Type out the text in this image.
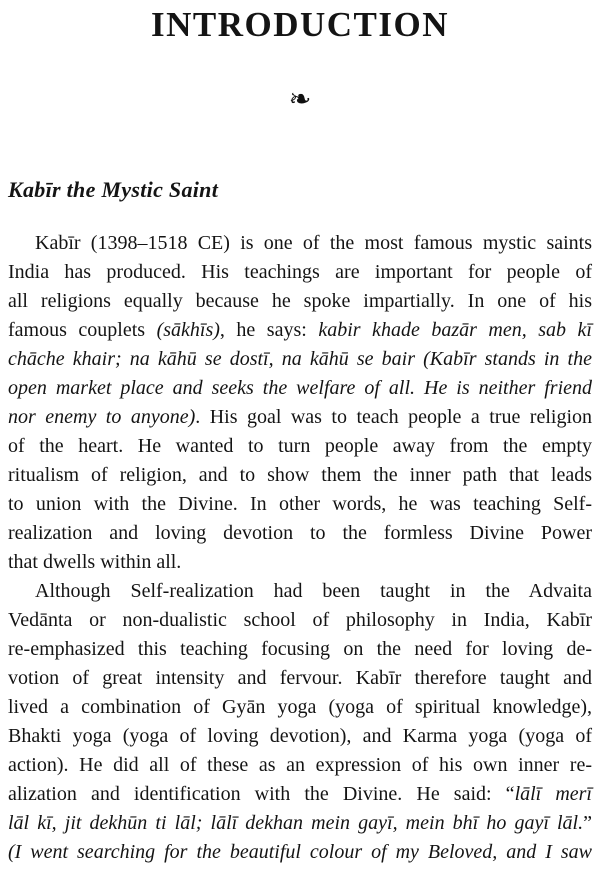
INTRODUCTION
❧
Kabīr the Mystic Saint
Kabīr (1398–1518 CE) is one of the most famous mystic saints
India has produced. His teachings are important for people of
all religions equally because he spoke impartially. In one of his
famous couplets (sākhīs), he says: kabir khade bazār men, sab kī
chāche khair; na kāhū se dostī, na kāhū se bair (Kabīr stands in the
open market place and seeks the welfare of all. He is neither friend
nor enemy to anyone). His goal was to teach people a true religion
of the heart. He wanted to turn people away from the empty
ritualism of religion, and to show them the inner path that leads
to union with the Divine. In other words, he was teaching Self-
realization and loving devotion to the formless Divine Power
that dwells within all.
Although Self-realization had been taught in the Advaita
Vedānta or non-dualistic school of philosophy in India, Kabīr
re-emphasized this teaching focusing on the need for loving de-
votion of great intensity and fervour. Kabīr therefore taught and
lived a combination of Gyān yoga (yoga of spiritual knowledge),
Bhakti yoga (yoga of loving devotion), and Karma yoga (yoga of
action). He did all of these as an expression of his own inner re-
alization and identification with the Divine. He said: “lālī merī
lāl kī, jit dekhūn ti lāl; lālī dekhan mein gayī, mein bhī ho gayī lāl.”
(I went searching for the beautiful colour of my Beloved, and I saw
